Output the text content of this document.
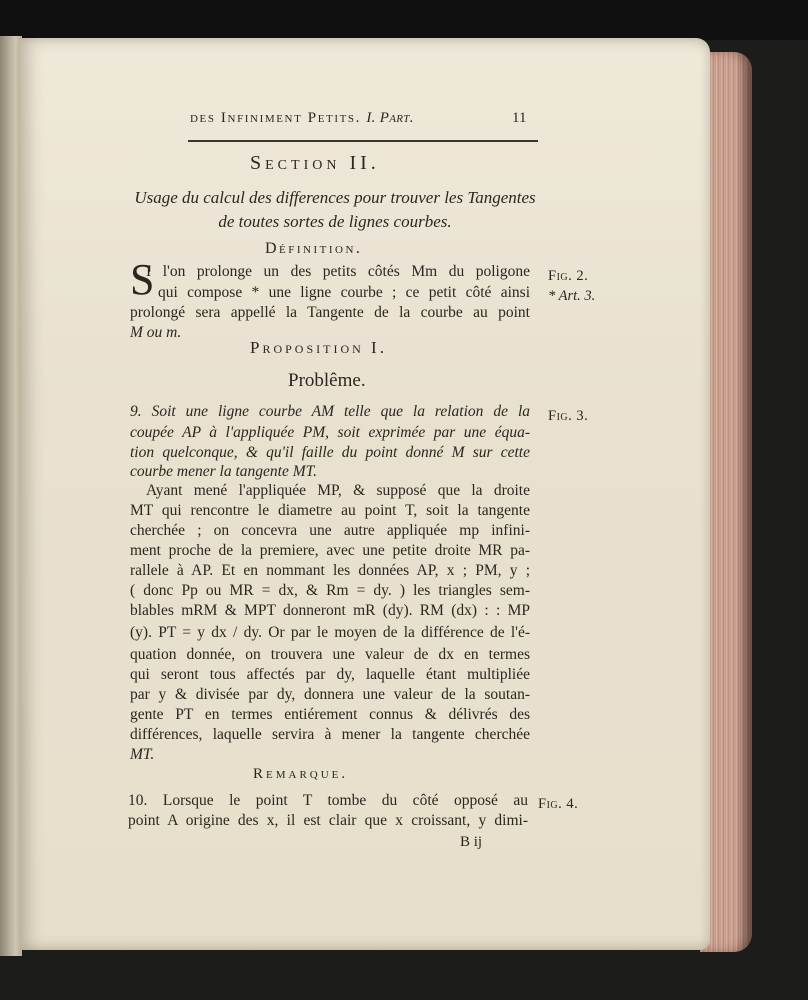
des Infiniment Petits. I. Part.	11
Section II.
Usage du calcul des differences pour trouver les Tangentes
de toutes sortes de lignes courbes.
Définition.
S
I l'on prolonge un des petits côtés Mm du poligone
qui compose * une ligne courbe ; ce petit côté ainsi
prolongé sera appellé la Tangente de la courbe au point
M ou m.
Fig. 2.
* Art. 3.
Proposition I.
Problême.
9. Soit une ligne courbe AM telle que la relation de la
coupée AP à l'appliquée PM, soit exprimée par une équa-
tion quelconque, & qu'il faille du point donné M sur cette
courbe mener la tangente MT.
Fig. 3.
Ayant mené l'appliquée MP, & supposé que la droite
MT qui rencontre le diametre au point T, soit la tangente
cherchée ; on concevra une autre appliquée mp infini-
ment proche de la premiere, avec une petite droite MR pa-
rallele à AP. Et en nommant les données AP, x ; PM, y ;
( donc Pp ou MR = dx, & Rm = dy. ) les triangles sem-
blables mRM & MPT donneront mR (dy). RM (dx) : : MP
(y). PT = y dx / dy. Or par le moyen de la différence de l'é-
quation donnée, on trouvera une valeur de dx en termes
qui seront tous affectés par dy, laquelle étant multipliée
par y & divisée par dy, donnera une valeur de la soutan-
gente PT en termes entiérement connus & délivrés des
différences, laquelle servira à mener la tangente cherchée
MT.
Remarque.
10. Lorsque le point T tombe du côté opposé au
point A origine des x, il est clair que x croissant, y dimi-
Fig. 4.
B ij
